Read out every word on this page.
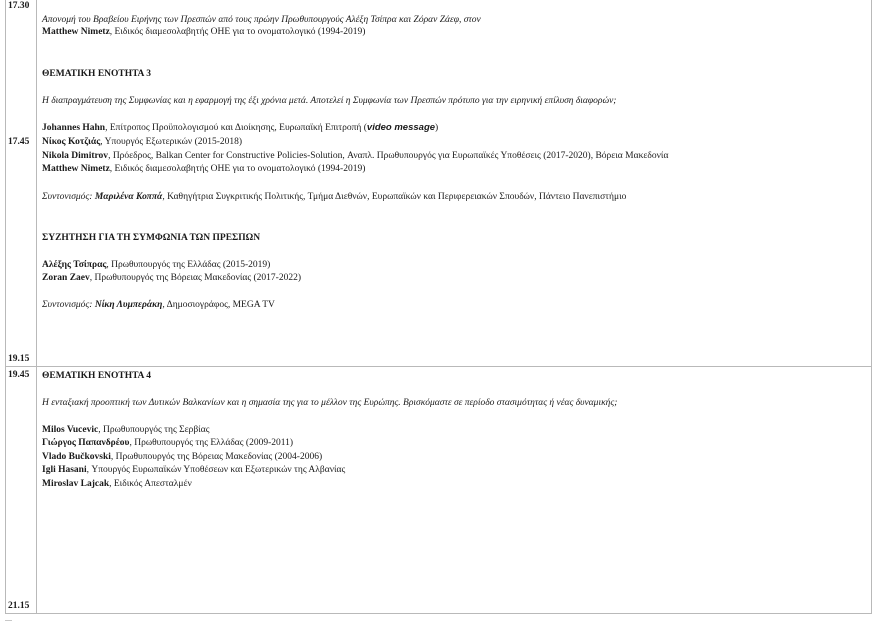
17.30
17.45
19.15
19.45
21.15
Απονομή του Βραβείου Ειρήνης των Πρεσπών από τους πρώην Πρωθυπουργούς Αλέξη Τσίπρα και Ζόραν Ζάεφ, στον
Matthew Nimetz, Ειδικός διαμεσολαβητής ΟΗΕ για το ονοματολογικό (1994-2019)
ΘΕΜΑΤΙΚΗ ΕΝΟΤΗΤΑ 3
Η διαπραγμάτευση της Συμφωνίας και η εφαρμογή της έξι χρόνια μετά. Αποτελεί η Συμφωνία των Πρεσπών πρότυπο για την ειρηνική επίλυση διαφορών;
Johannes Hahn, Επίτροπος Προϋπολογισμού και Διοίκησης, Ευρωπαϊκή Επιτροπή (video message)
Νίκος Κοτζιάς, Υπουργός Εξωτερικών (2015-2018)
Nikola Dimitrov, Πρόεδρος, Balkan Center for Constructive Policies-Solution, Αναπλ. Πρωθυπουργός για Ευρωπαϊκές Υποθέσεις (2017-2020), Βόρεια Μακεδονία
Matthew Nimetz, Ειδικός διαμεσολαβητής ΟΗΕ για το ονοματολογικό (1994-2019)
Συντονισμός: Μαριλένα Κοππά, Καθηγήτρια Συγκριτικής Πολιτικής, Τμήμα Διεθνών, Ευρωπαϊκών και Περιφερειακών Σπουδών, Πάντειο Πανεπιστήμιο
ΣΥΖΗΤΗΣΗ ΓΙΑ ΤΗ ΣΥΜΦΩΝΙΑ ΤΩΝ ΠΡΕΣΠΩΝ
Αλέξης Τσίπρας, Πρωθυπουργός της Ελλάδας (2015-2019)
Zoran Zaev, Πρωθυπουργός της Βόρειας Μακεδονίας (2017-2022)
Συντονισμός: Νίκη Λυμπεράκη, Δημοσιογράφος, MEGA TV
ΘΕΜΑΤΙΚΗ ΕΝΟΤΗΤΑ 4
Η ενταξιακή προοπτική των Δυτικών Βαλκανίων και η σημασία της για το μέλλον της Ευρώπης. Βρισκόμαστε σε περίοδο στασιμότητας ή νέας δυναμικής;
Milos Vucevic, Πρωθυπουργός της Σερβίας
Γιώργος Παπανδρέου, Πρωθυπουργός της Ελλάδας (2009-2011)
Vlado Bučkovski, Πρωθυπουργός της Βόρειας Μακεδονίας (2004-2006)
Igli Hasani, Υπουργός Ευρωπαϊκών Υποθέσεων και Εξωτερικών της Αλβανίας
Miroslav Lajcak, Ειδικός Απεσταλμέν
